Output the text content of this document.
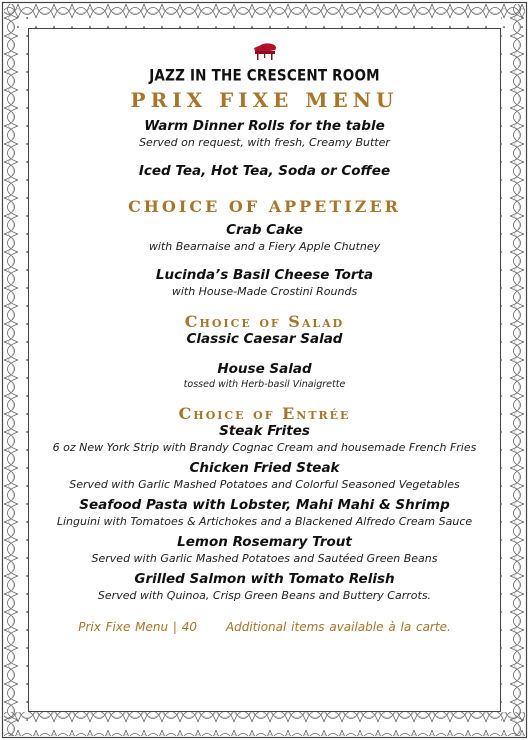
JAZZ IN THE CRESCENT ROOM
PRIX FIXE MENU
Warm Dinner Rolls for the table
Served on request, with fresh, Creamy Butter
Iced Tea, Hot Tea, Soda or Coffee
CHOICE OF APPETIZER
Crab Cake
with Bearnaise and a Fiery Apple Chutney
Lucinda’s Basil Cheese Torta
with House-Made Crostini Rounds
Choice of Salad
Classic Caesar Salad
House Salad
tossed with Herb-basil Vinaigrette
Choice of Entrée
Steak Frites
6 oz New York Strip with Brandy Cognac Cream and housemade French Fries
Chicken Fried Steak
Served with Garlic Mashed Potatoes and Colorful Seasoned Vegetables
Seafood Pasta with Lobster, Mahi Mahi & Shrimp
Linguini with Tomatoes & Artichokes and a Blackened Alfredo Cream Sauce
Lemon Rosemary Trout
Served with Garlic Mashed Potatoes and Sautéed Green Beans
Grilled Salmon with Tomato Relish
Served with Quinoa, Crisp Green Beans and Buttery Carrots.
Prix Fixe Menu | 40 Additional items available à la carte.
